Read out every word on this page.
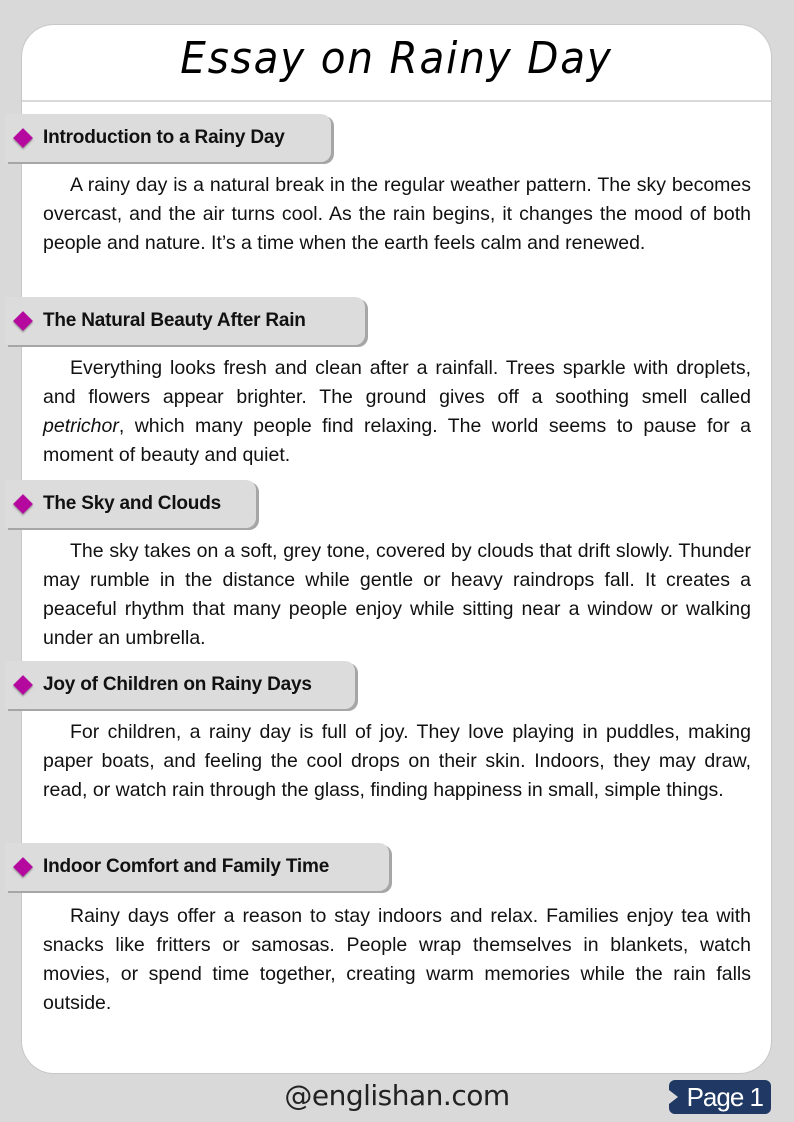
Essay on Rainy Day
Introduction to a Rainy Day

A rainy day is a natural break in the regular weather pattern. The sky becomes overcast, and the air turns cool. As the rain begins, it changes the mood of both people and nature. It’s a time when the earth feels calm and renewed.

The Natural Beauty After Rain

Everything looks fresh and clean after a rainfall. Trees sparkle with droplets, and flowers appear brighter. The ground gives off a soothing smell called petrichor, which many people find relaxing. The world seems to pause for a moment of beauty and quiet.

The Sky and Clouds

The sky takes on a soft, grey tone, covered by clouds that drift slowly. Thunder may rumble in the distance while gentle or heavy raindrops fall. It creates a peaceful rhythm that many people enjoy while sitting near a window or walking under an umbrella.

Joy of Children on Rainy Days

For children, a rainy day is full of joy. They love playing in puddles, making paper boats, and feeling the cool drops on their skin. Indoors, they may draw, read, or watch rain through the glass, finding happiness in small, simple things.

Indoor Comfort and Family Time

Rainy days offer a reason to stay indoors and relax. Families enjoy tea with snacks like fritters or samosas. People wrap themselves in blankets, watch movies, or spend time together, creating warm memories while the rain falls outside.

@englishan.com	Page 1
